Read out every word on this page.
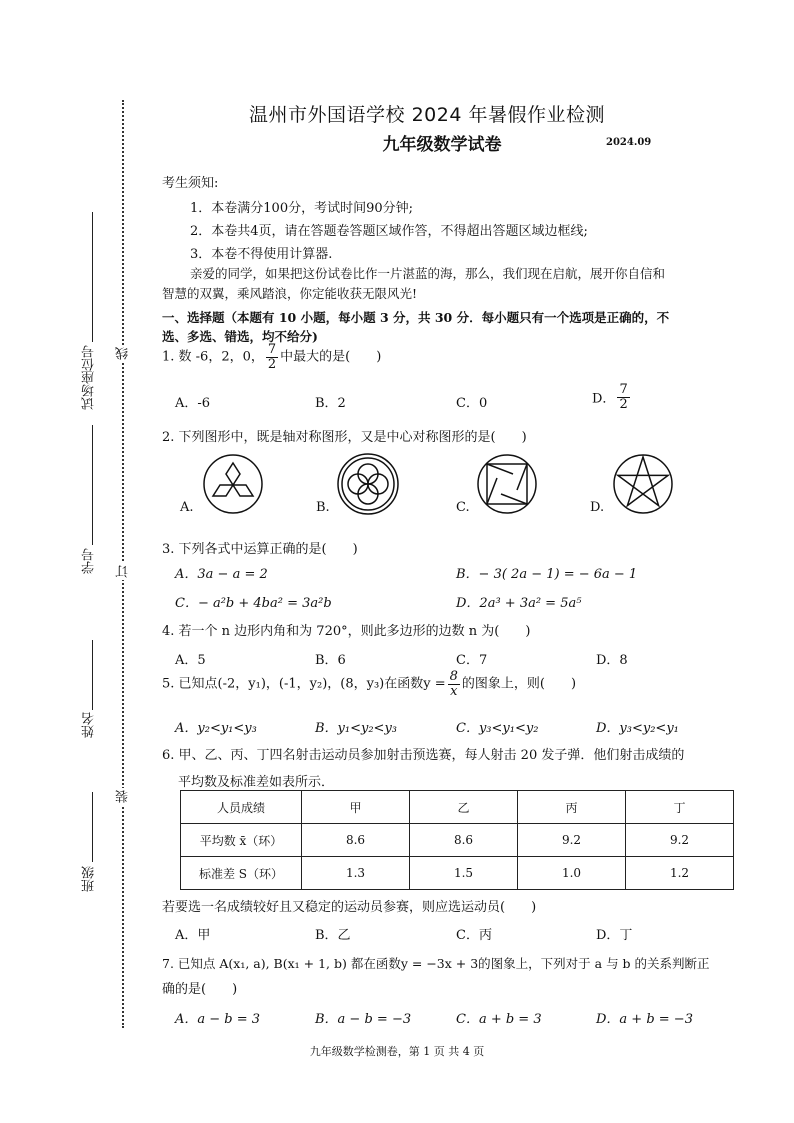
线
订
装
试场座位号
学号
姓名
班级
温州市外国语学校 2024 年暑假作业检测
九年级数学试卷	2024.09
考生须知:
1．本卷满分100分，考试时间90分钟;
2．本卷共4页，请在答题卷答题区域作答，不得超出答题区域边框线;
3．本卷不得使用计算器.
亲爱的同学，如果把这份试卷比作一片湛蓝的海，那么，我们现在启航，展开你自信和
智慧的双翼，乘风踏浪，你定能收获无限风光!
一、选择题（本题有 10 小题，每小题 3 分，共 30 分．每小题只有一个选项是正确的，不
选、多选、错选，均不给分)
1. 数 -6，2，0， $\frac{7}{2}$ 中最大的是(　　)
A．-6	B．2	C．0	D． $\frac{7}{2}$
2. 下列图形中，既是轴对称图形，又是中心对称图形的是(　　)
A.	B.	C.	D.
3. 下列各式中运算正确的是(　　)
A．3a − a = 2	B．− 3( 2a − 1) = − 6a − 1
C．− a²b + 4ba² = 3a²b	D．2a³ + 3a² = 5a⁵
4. 若一个 n 边形内角和为 720°，则此多边形的边数 n 为(　　)
A．5	B．6	C．7	D．8
5. 已知点(-2，y₁)，(-1，y₂)，(8，y₃)在函数$y = \frac{8}{x}$ 的图象上，则(　　)
A．y₂<y₁<y₃	B．y₁<y₂<y₃	C．y₃<y₁<y₂	D．y₃<y₂<y₁
6. 甲、乙、丙、丁四名射击运动员参加射击预选赛，每人射击 20 发子弹．他们射击成绩的
平均数及标准差如表所示．
人员成绩	甲	乙	丙	丁
平均数 x̄（环）	8.6	8.6	9.2	9.2
标准差 S（环）	1.3	1.5	1.0	1.2
若要选一名成绩较好且又稳定的运动员参赛，则应选运动员(　　)
A．甲	B．乙	C．丙	D．丁
7. 已知点 A(x₁, a), B(x₁ + 1, b) 都在函数y = −3x + 3的图象上，下列对于 a 与 b 的关系判断正
确的是(　　)
A．a − b = 3	B．a − b = −3	C．a + b = 3	D．a + b = −3
九年级数学检测卷，第 1 页 共 4 页
